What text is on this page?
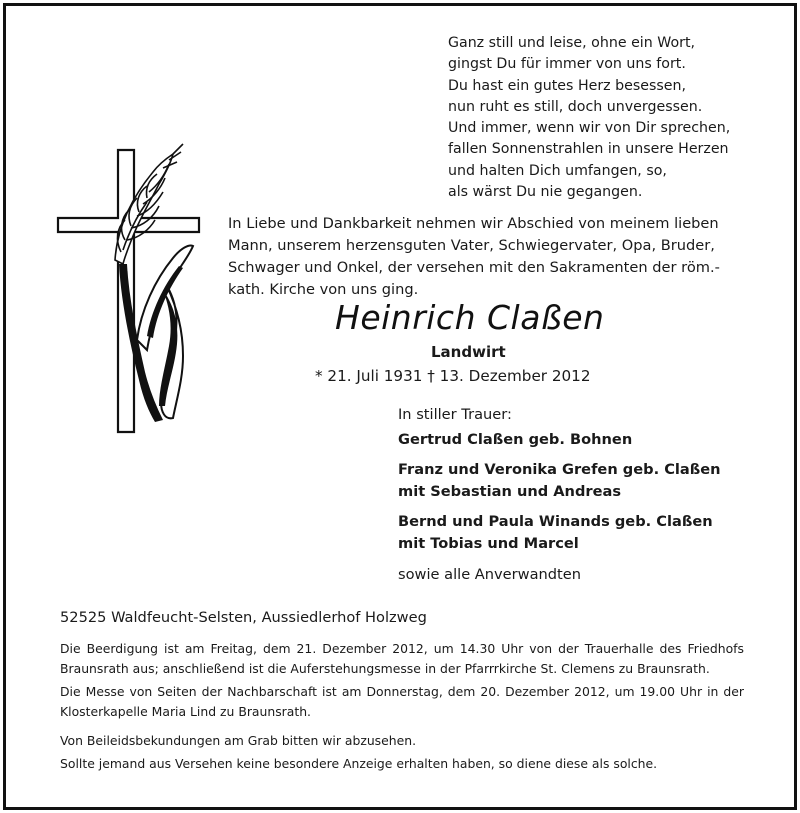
Ganz still und leise, ohne ein Wort,
gingst Du für immer von uns fort.
Du hast ein gutes Herz besessen,
nun ruht es still, doch unvergessen.
Und immer, wenn wir von Dir sprechen,
fallen Sonnenstrahlen in unsere Herzen
und halten Dich umfangen, so,
als wärst Du nie gegangen.
In Liebe und Dankbarkeit nehmen wir Abschied von meinem lieben
Mann, unserem herzensguten Vater, Schwiegervater, Opa, Bruder,
Schwager und Onkel, der versehen mit den Sakramenten der röm.-
kath. Kirche von uns ging.
Heinrich Claßen
Landwirt
* 21. Juli 1931 † 13. Dezember 2012
In stiller Trauer:
Gertrud Claßen geb. Bohnen
Franz und Veronika Grefen geb. Claßen
mit Sebastian und Andreas
Bernd und Paula Winands geb. Claßen
mit Tobias und Marcel
sowie alle Anverwandten
52525 Waldfeucht-Selsten, Aussiedlerhof Holzweg

Die Beerdigung ist am Freitag, dem 21. Dezember 2012, um 14.30 Uhr von der Trauerhalle des Friedhofs Braunsrath aus; anschließend ist die Auferstehungsmesse in der Pfarrrkirche St. Clemens zu Braunsrath.

Die Messe von Seiten der Nachbarschaft ist am Donnerstag, dem 20. Dezember 2012, um 19.00 Uhr in der Klosterkapelle Maria Lind zu Braunsrath.

Von Beileidsbekundungen am Grab bitten wir abzusehen.

Sollte jemand aus Versehen keine besondere Anzeige erhalten haben, so diene diese als solche.
